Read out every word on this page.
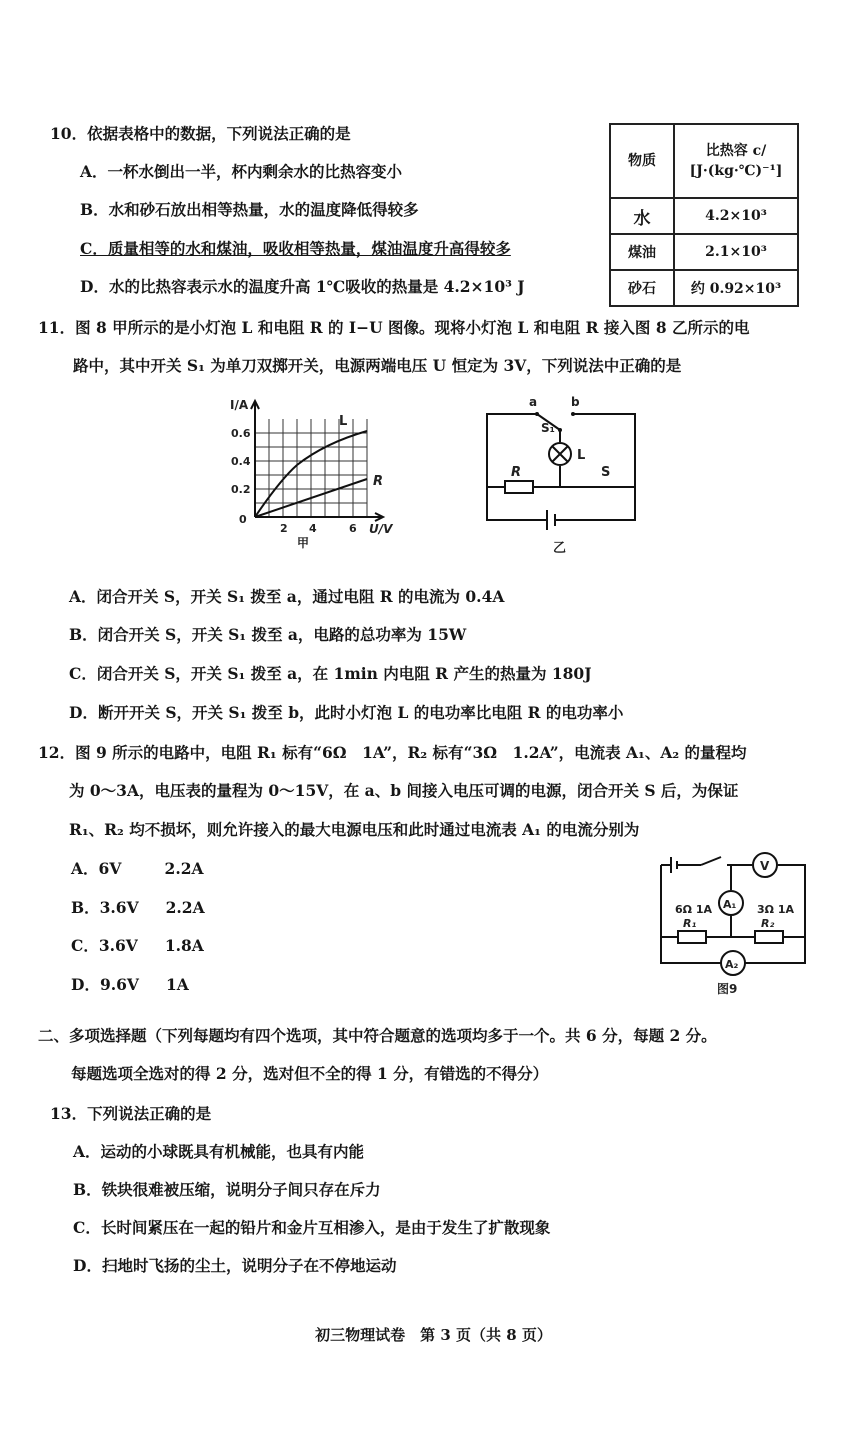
10．依据表格中的数据，下列说法正确的是
A．一杯水倒出一半，杯内剩余水的比热容变小
B．水和砂石放出相等热量，水的温度降低得较多
C．质量相等的水和煤油，吸收相等热量，煤油温度升高得较多
D．水的比热容表示水的温度升高 1℃吸收的热量是 4.2×10³ J
物质	比热容 c/
[J·(kg·℃)⁻¹]

水	4.2×10³
煤油	2.1×10³
砂石	约 0.92×10³
11．图 8 甲所示的是小灯泡 L 和电阻 R 的 I−U 图像。现将小灯泡 L 和电阻 R 接入图 8 乙所示的电
路中，其中开关 S₁ 为单刀双掷开关，电源两端电压 U 恒定为 3V，下列说法中正确的是
I/A
0.6
0.4
0.2
0
2 4	6 U/V
L
R
甲
a	b
S₁
L
R	S
乙
A．闭合开关 S，开关 S₁ 拨至 a，通过电阻 R 的电流为 0.4A
B．闭合开关 S，开关 S₁ 拨至 a，电路的总功率为 15W
C．闭合开关 S，开关 S₁ 拨至 a，在 1min 内电阻 R 产生的热量为 180J
D．断开开关 S，开关 S₁ 拨至 b，此时小灯泡 L 的电功率比电阻 R 的电功率小
12．图 9 所示的电路中，电阻 R₁ 标有“6Ω　1A”，R₂ 标有“3Ω　1.2A”，电流表 A₁、A₂ 的量程均
为 0～3A，电压表的量程为 0～15V，在 a、b 间接入电压可调的电源，闭合开关 S 后，为保证
R₁、R₂ 均不损坏，则允许接入的最大电源电压和此时通过电流表 A₁ 的电流分别为
A．6V	2.2A
B．3.6V 2.2A
C．3.6V 1.8A
D．9.6V 1A
V
A₁
A₂
R₁	R₂
6Ω 1A	3Ω 1A
图9
二、多项选择题（下列每题均有四个选项，其中符合题意的选项均多于一个。共 6 分，每题 2 分。
每题选项全选对的得 2 分，选对但不全的得 1 分，有错选的不得分）
13．下列说法正确的是
A．运动的小球既具有机械能，也具有内能
B．铁块很难被压缩，说明分子间只存在斥力
C．长时间紧压在一起的铅片和金片互相渗入，是由于发生了扩散现象
D．扫地时飞扬的尘土，说明分子在不停地运动
初三物理试卷　第 3 页（共 8 页）
